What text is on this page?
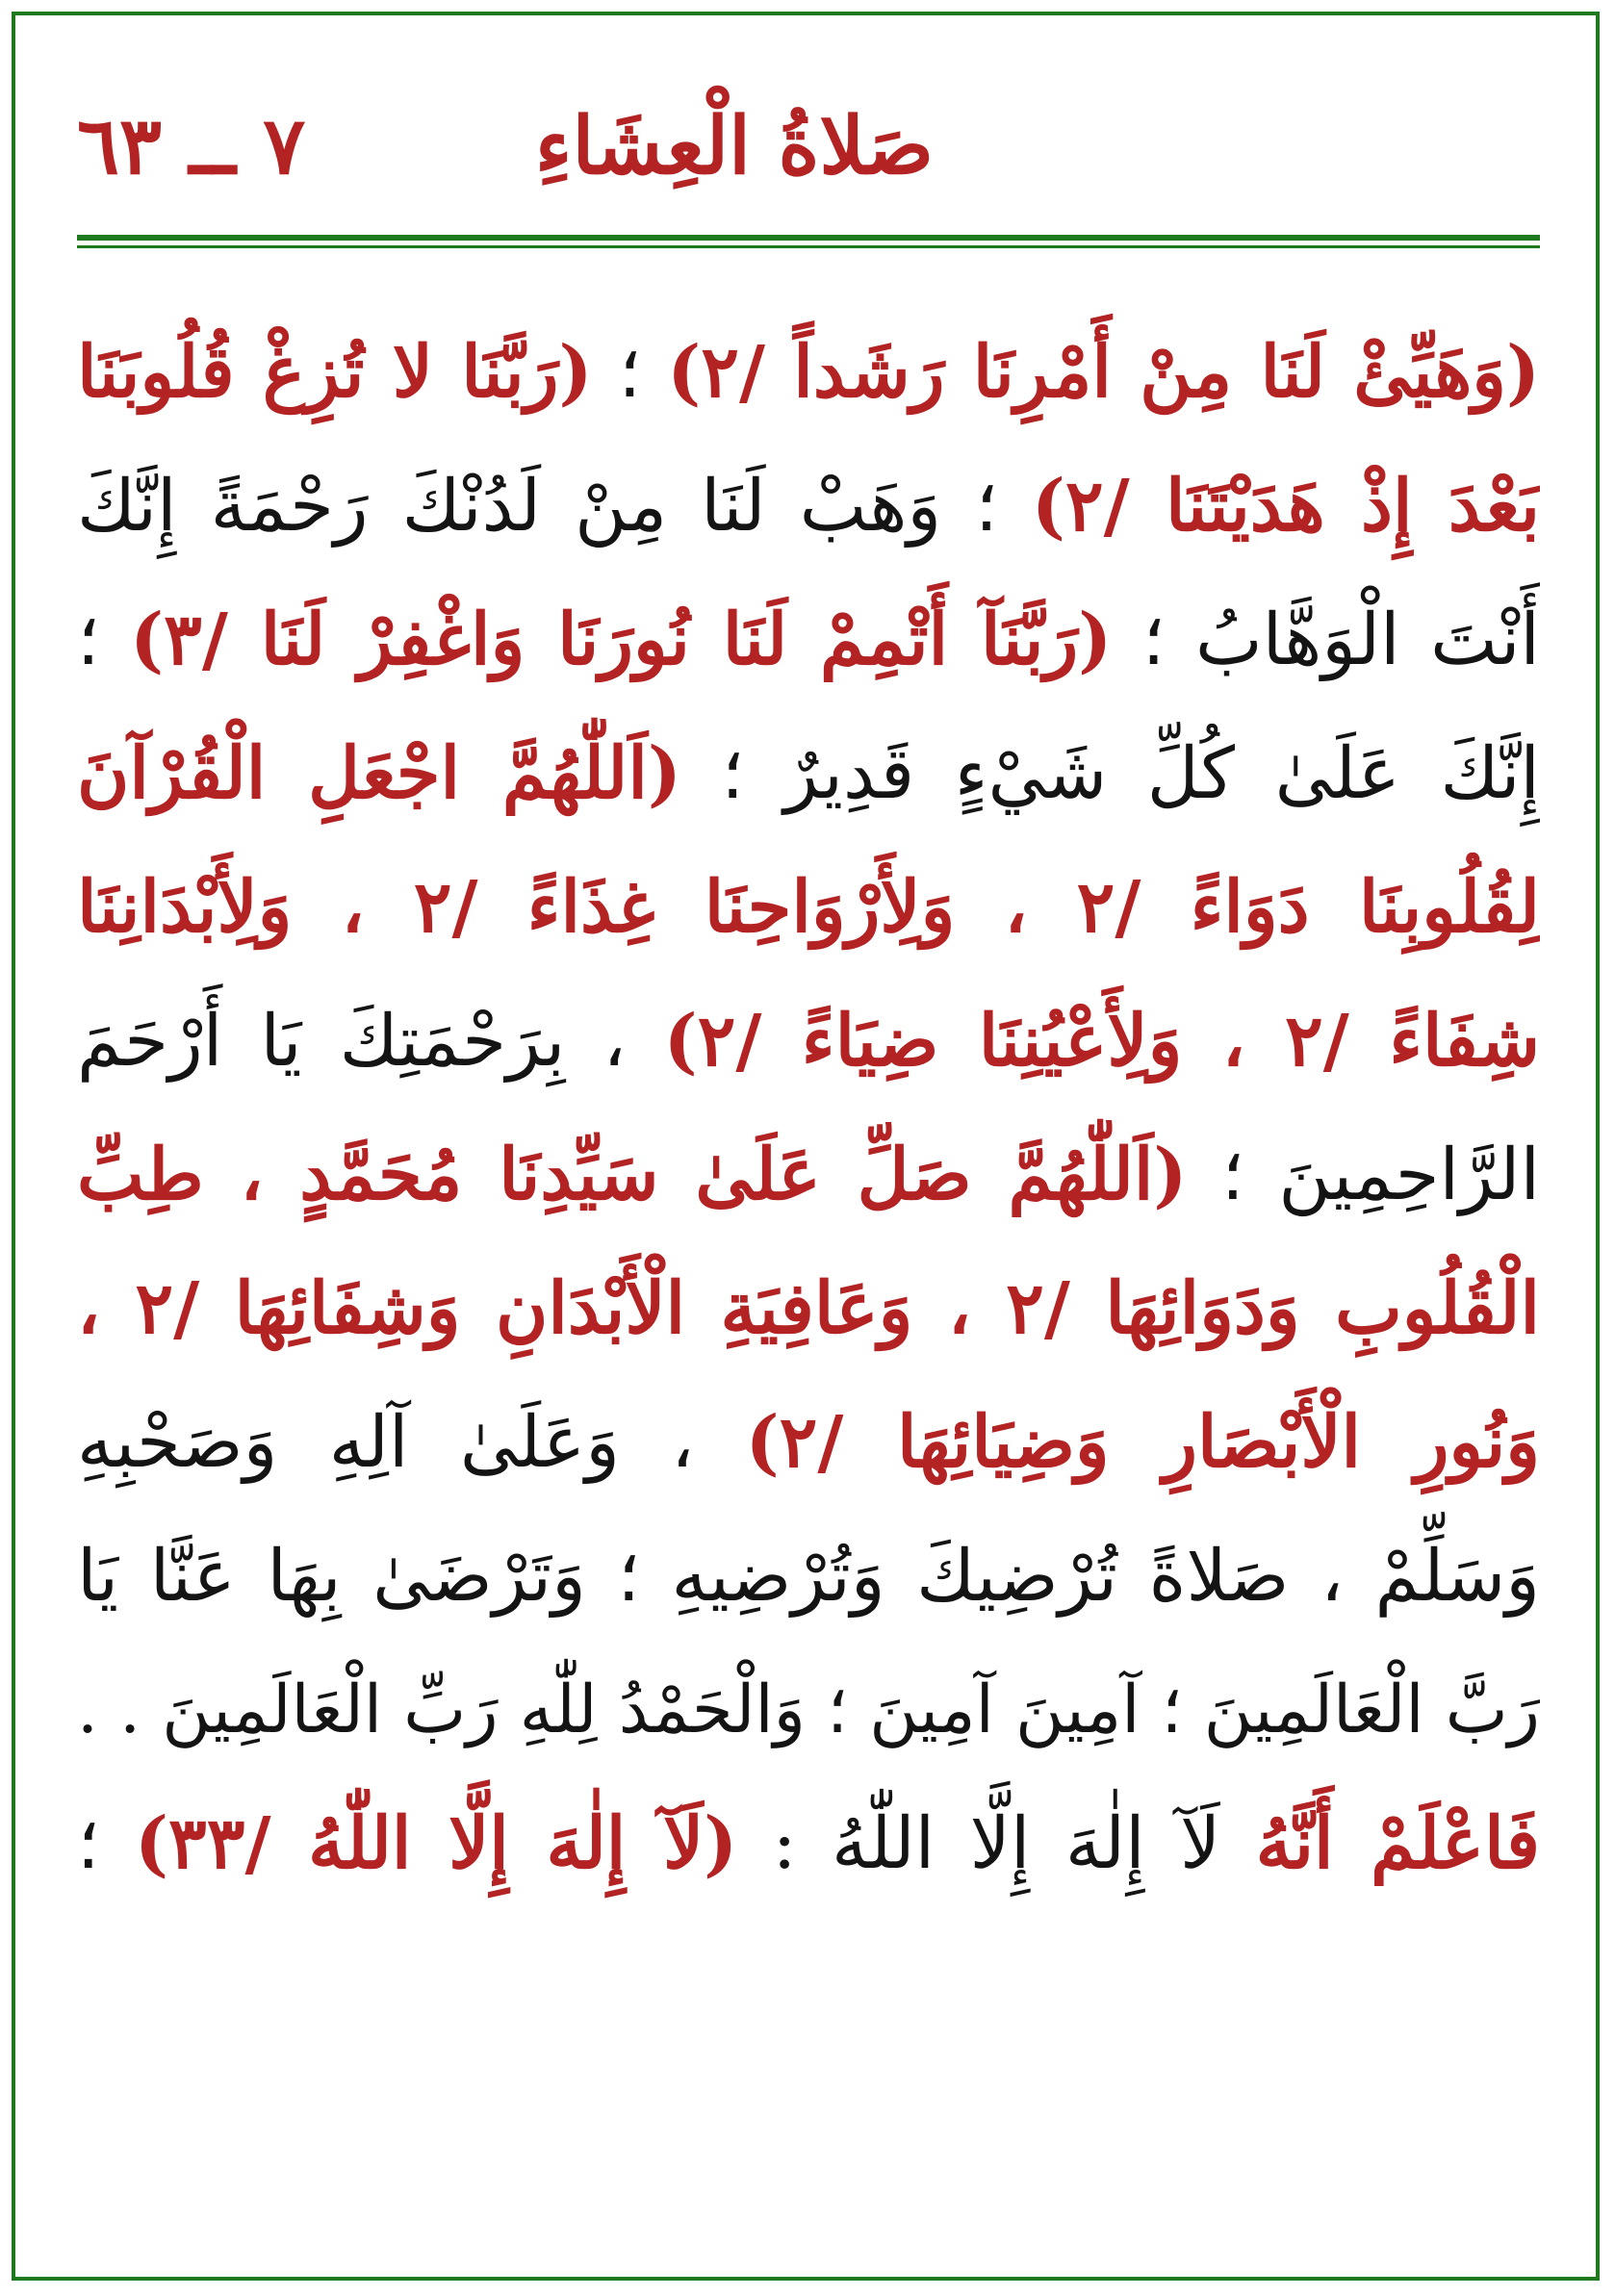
صَلاةُ الْعِشَاءِ
٧ ــ ٦٣
(وَهَيِّئْ لَنَا مِنْ أَمْرِنَا رَشَداً /٢) ؛ (رَبَّنَا لا تُزِغْ قُلُوبَنَا
بَعْدَ إِذْ هَدَيْتَنَا /٢) ؛ وَهَبْ لَنَا مِنْ لَدُنْكَ رَحْمَةً إِنَّكَ
أَنْتَ الْوَهَّابُ ؛ (رَبَّنَآ أَتْمِمْ لَنَا نُورَنَا وَاغْفِرْ لَنَا /٣) ؛
إِنَّكَ عَلَىٰ كُلِّ شَيْءٍ قَدِيرٌ ؛ (اَللّٰهُمَّ اجْعَلِ الْقُرْآنَ
لِقُلُوبِنَا دَوَاءً /٢ ، وَلِأَرْوَاحِنَا غِذَاءً /٢ ، وَلِأَبْدَانِنَا
شِفَاءً /٢ ، وَلِأَعْيُنِنَا ضِيَاءً /٢) ، بِرَحْمَتِكَ يَا أَرْحَمَ
الرَّاحِمِينَ ؛ (اَللّٰهُمَّ صَلِّ عَلَىٰ سَيِّدِنَا مُحَمَّدٍ ، طِبِّ
الْقُلُوبِ وَدَوَائِهَا /٢ ، وَعَافِيَةِ الْأَبْدَانِ وَشِفَائِهَا /٢ ،
وَنُورِ الْأَبْصَارِ وَضِيَائِهَا /٢) ، وَعَلَىٰ آلِهِ وَصَحْبِهِ
وَسَلِّمْ ، صَلاةً تُرْضِيكَ وَتُرْضِيهِ ؛ وَتَرْضَىٰ بِهَا عَنَّا يَا
رَبَّ الْعَالَمِينَ ؛ آمِينَ آمِينَ ؛ وَالْحَمْدُ لِلّٰهِ رَبِّ الْعَالَمِينَ . .
فَاعْلَمْ أَنَّهُ لَآ إِلٰهَ إِلَّا اللّٰهُ : (لَآ إِلٰهَ إِلَّا اللّٰهُ /٣٣) ؛
